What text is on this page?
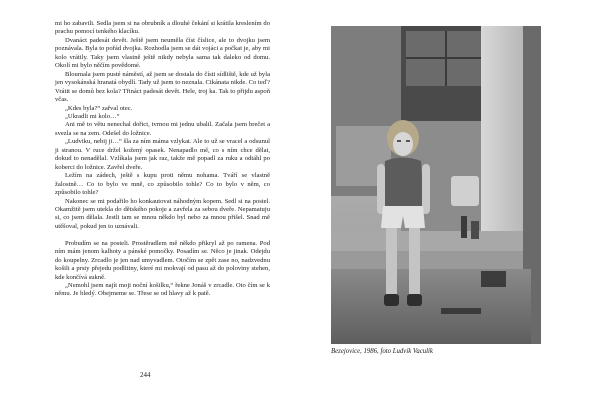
mi ho zabavili. Sedla jsem si na obrubník a dlouhé čekání si krátila kreslením do prachu pomocí tenkého klacíku.

Dvanáct padesát devět. Ještě jsem neuměla číst číslice, ale to dvojku jsem poznávala. Byla to pořád dvojka. Rozhodla jsem se dát vojáci a počkat je, aby mi kolo vrátily. Taky jsem vlastně ještě nikdy nebyla sama tak daleko od domu. Okolí mi bylo něčím povědomé.

Bloumala jsem pusté náměstí, až jsem se dostala do čísti sídliště, kde už byla jen vysokánská hranatá obydlí. Tady už jsem to neznala. Cikánata nikde. Co teď? Vrátit se domů bez kola? Třináct padesát devět. Hele, troj ka. Tak to přijdu aspoň včas.

„Kdes byla?“ zařval otec.

„Ukradli mi kolo…“

Ani mě to větu nenechal dořict, tvrnou mi jednu ubalil. Začala jsem brečet a svezla se na zem. Odešel do ložnice.

„Ludviku, nebij ji…“ šla za ním máma vzlykat. Ale to už se vracel a odsunul ji stranou. V ruce držel kožený opasek. Nenapadlo mě, co s ním chce dělat, dokud to nenadělal. Vzlíkala jsem jak raz, takže mě popadl za ruku a odtáhl po koberci do ložnice. Zavřel dveře.

Ležím na zádech, ještě s kupu proti němu nohama. Tváří se vlastně žalostně… Co to bylo ve mně, co způsobilo tohle? Co to bylo v něm, co způsobilo tohle?

Nakonec se mi podařilo ho konkautovat náhodným kopem. Sedl si na postel. Okamžitě jsem utekla do dětského pokoje a zavřela za sebou dveře. Nepamatuju si, co jsem dělala. Jestli tam se mnou někdo byl nebo za mnou přišel. Snad mě utěšoval, pokud jen to uznávali.

Probudím se na posteli. Prostěradlem mě někdo přikryl až po ramena. Pod ním mám jenom kalhoty a pánské pomočky. Posadím se. Něco je jinak. Odejdu do koupelny. Zrcadlo je jen nad umyvadlem. Otočím se zpět zase no, nadzvednu košili a prsty přejedu podlitiny, které mi mokvají od pasu až do poloviny stehen, kde končívá sukně.

„Nemohl jsem najít moji noční košilku,“ řekne Jonáš v zrcadle. Oto čím se k němu. Je bledý. Obejmeme se. Třese se od hlavy až k patě.

244
Bezejovice, 1986, foto Ludvík Vaculík
